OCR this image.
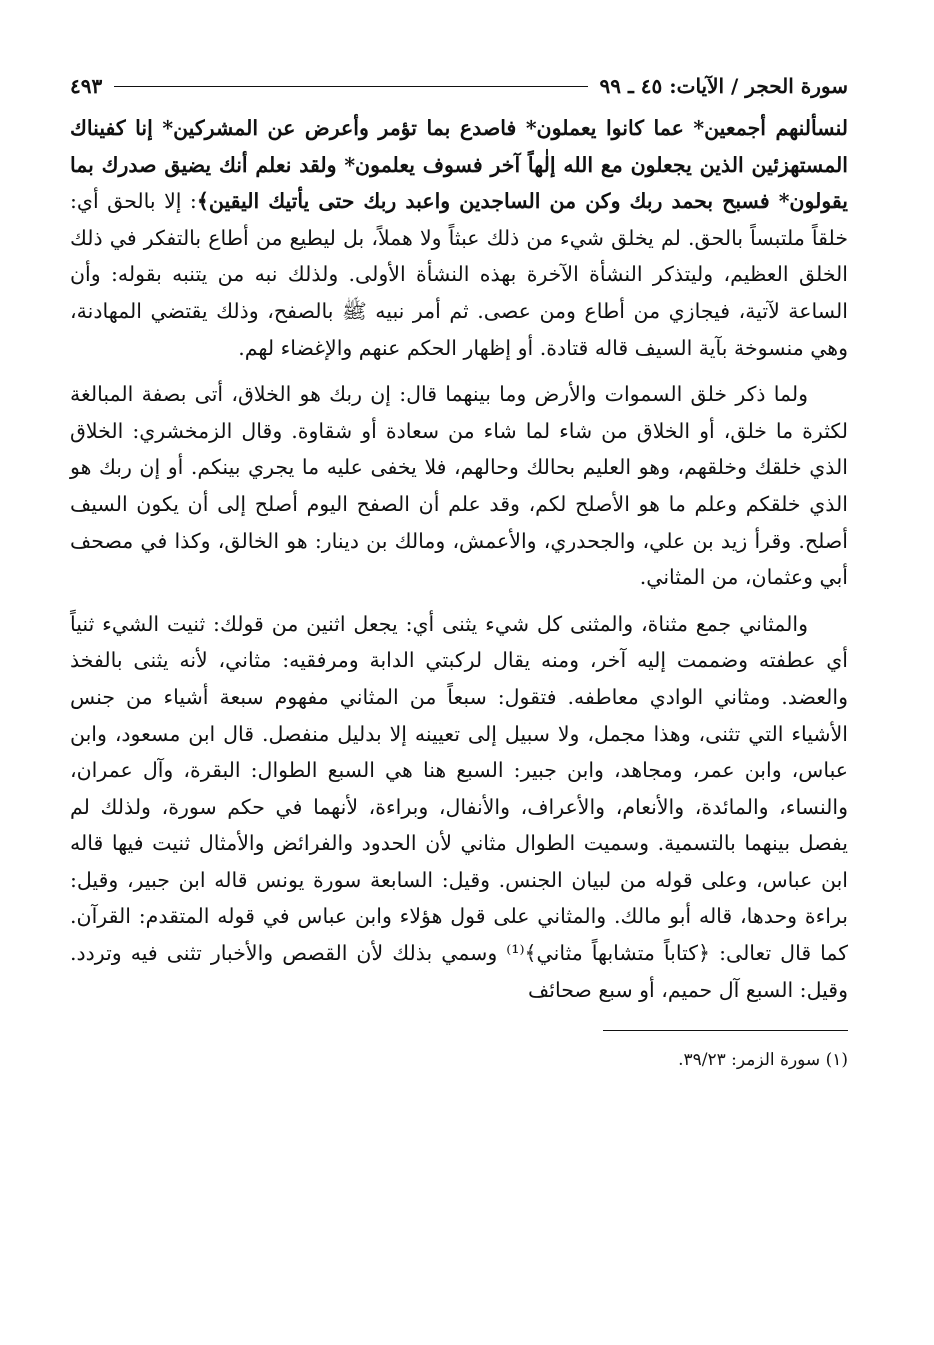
سورة الحجر / الآيات: ٤٥ ـ ٩٩
٤٩٣

لنسألنهم أجمعين* عما كانوا يعملون* فاصدع بما تؤمر وأعرض عن المشركين* إنا كفيناك المستهزئين الذين يجعلون مع الله إلٰهاً آخر فسوف يعلمون* ولقد نعلم أنك يضيق صدرك بما يقولون* فسبح بحمد ربك وكن من الساجدين واعبد ربك حتى يأتيك اليقين﴾: إلا بالحق أي: خلقاً ملتبساً بالحق. لم يخلق شيء من ذلك عبثاً ولا هملاً، بل ليطيع من أطاع بالتفكر في ذلك الخلق العظيم، وليتذكر النشأة الآخرة بهذه النشأة الأولى. ولذلك نبه من يتنبه بقوله: وأن الساعة لآتية، فيجازي من أطاع ومن عصى. ثم أمر نبيه ﷺ بالصفح، وذلك يقتضي المهادنة، وهي منسوخة بآية السيف قاله قتادة. أو إظهار الحكم عنهم والإغضاء لهم.

ولما ذكر خلق السموات والأرض وما بينهما قال: إن ربك هو الخلاق، أتى بصفة المبالغة لكثرة ما خلق، أو الخلاق من شاء لما شاء من سعادة أو شقاوة. وقال الزمخشري: الخلاق الذي خلقك وخلقهم، وهو العليم بحالك وحالهم، فلا يخفى عليه ما يجري بينكم. أو إن ربك هو الذي خلقكم وعلم ما هو الأصلح لكم، وقد علم أن الصفح اليوم أصلح إلى أن يكون السيف أصلح. وقرأ زيد بن علي، والجحدري، والأعمش، ومالك بن دينار: هو الخالق، وكذا في مصحف أبي وعثمان، من المثاني.

والمثاني جمع مثناة، والمثنى كل شيء يثنى أي: يجعل اثنين من قولك: ثنيت الشيء ثنياً أي عطفته وضممت إليه آخر، ومنه يقال لركبتي الدابة ومرفقيه: مثاني، لأنه يثنى بالفخذ والعضد. ومثاني الوادي معاطفه. فتقول: سبعاً من المثاني مفهوم سبعة أشياء من جنس الأشياء التي تثنى، وهذا مجمل، ولا سبيل إلى تعيينه إلا بدليل منفصل. قال ابن مسعود، وابن عباس، وابن عمر، ومجاهد، وابن جبير: السبع هنا هي السبع الطوال: البقرة، وآل عمران، والنساء، والمائدة، والأنعام، والأعراف، والأنفال، وبراءة، لأنهما في حكم سورة، ولذلك لم يفصل بينهما بالتسمية. وسميت الطوال مثاني لأن الحدود والفرائض والأمثال ثنيت فيها قاله ابن عباس، وعلى قوله من لبيان الجنس. وقيل: السابعة سورة يونس قاله ابن جبير، وقيل: براءة وحدها، قاله أبو مالك. والمثاني على قول هؤلاء وابن عباس في قوله المتقدم: القرآن. كما قال تعالى: ﴿كتاباً متشابهاً مثاني﴾⁽¹⁾ وسمي بذلك لأن القصص والأخبار تثنى فيه وتردد. وقيل: السبع آل حميم، أو سبع صحائف

(١) سورة الزمر: ٣٩/٢٣.
